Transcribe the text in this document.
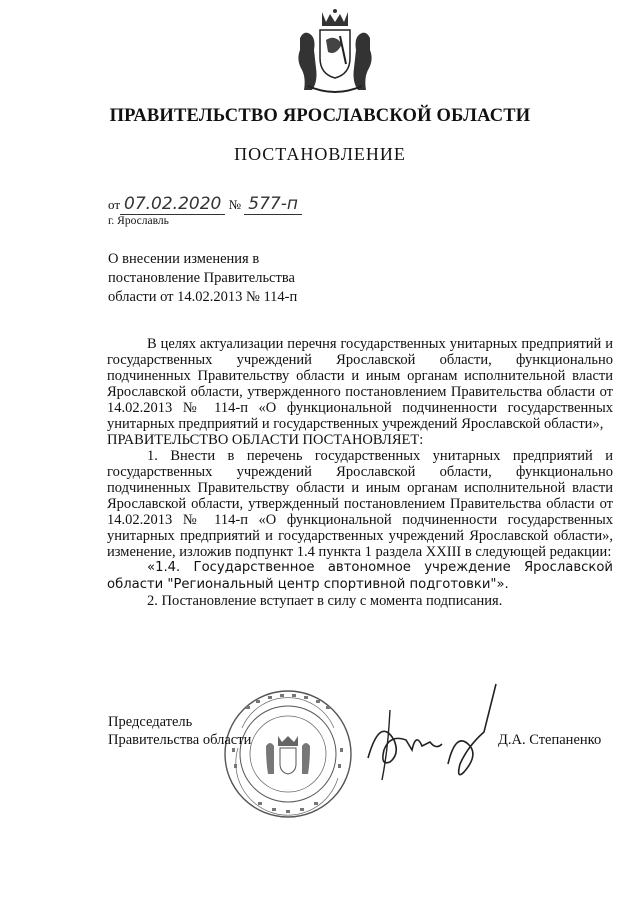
ПРАВИТЕЛЬСТВО ЯРОСЛАВСКОЙ ОБЛАСТИ
ПОСТАНОВЛЕНИЕ
от 07.02.2020 № 577-п
г. Ярославль
О внесении изменения в
постановление Правительства
области от 14.02.2013 № 114-п

В целях актуализации перечня государственных унитарных предприятий и государственных учреждений Ярославской области, функционально подчиненных Правительству области и иным органам исполнительной власти Ярославской области, утвержденного постановлением Правительства области от 14.02.2013 № 114-п «О функциональной подчиненности государственных унитарных предприятий и государственных учреждений Ярославской области»,

ПРАВИТЕЛЬСТВО ОБЛАСТИ ПОСТАНОВЛЯЕТ:

1. Внести в перечень государственных унитарных предприятий и государственных учреждений Ярославской области, функционально подчиненных Правительству области и иным органам исполнительной власти Ярославской области, утвержденный постановлением Правительства области от 14.02.2013 № 114-п «О функциональной подчиненности государственных унитарных предприятий и государственных учреждений Ярославской области», изменение, изложив подпункт 1.4 пункта 1 раздела XXIII в следующей редакции:

«1.4. Государственное автономное учреждение Ярославской области "Региональный центр спортивной подготовки"».

2. Постановление вступает в силу с момента подписания.

Председатель
Правительства области	Д.А. Степаненко
